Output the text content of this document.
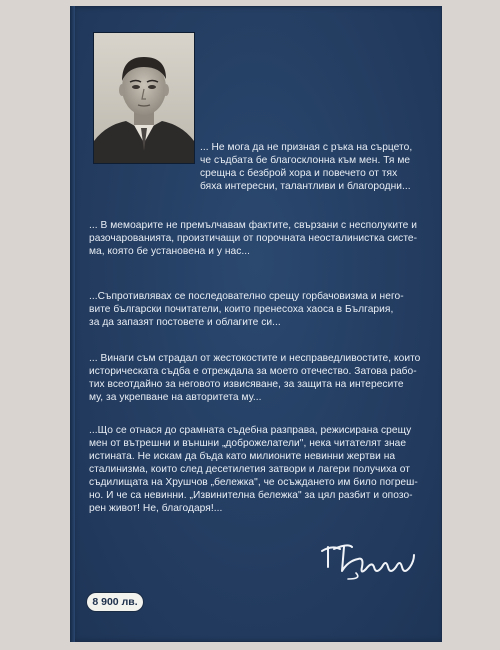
... Не мога да не призная с ръка на сърцето,
че съдбата бе благосклонна към мен. Тя ме
срещна с безброй хора и повечето от тях
бяха интересни, талантливи и благородни...
... В мемоарите не премълчавам фактите, свързани с несполуките и
разочарованията, произтичащи от порочната неосталинистка систе-
ма, която бе установена и у нас...
...Съпротивлявах се последователно срещу горбачовизма и него-
вите български почитатели, които пренесоха хаоса в България,
за да запазят постовете и облагите си...
... Винаги съм страдал от жестокостите и несправедливостите, които
историческата съдба е отреждала за моето отечество. Затова рабо-
тих всеотдайно за неговото извисяване, за защита на интересите
му, за укрепване на авторитета му...
...Що се отнася до срамната съдебна разправа, режисирана срещу
мен от вътрешни и външни „доброжелатели", нека читателят знае
истината. Не искам да бъда като милионите невинни жертви на
сталинизма, които след десетилетия затвори и лагери получиха от
съдилищата на Хрушчов „бележка", че осъждането им било погреш-
но. И че са невинни. „Извинителна бележка" за цял разбит и опозо-
рен живот! Не, благодаря!...
8 900 лв.
